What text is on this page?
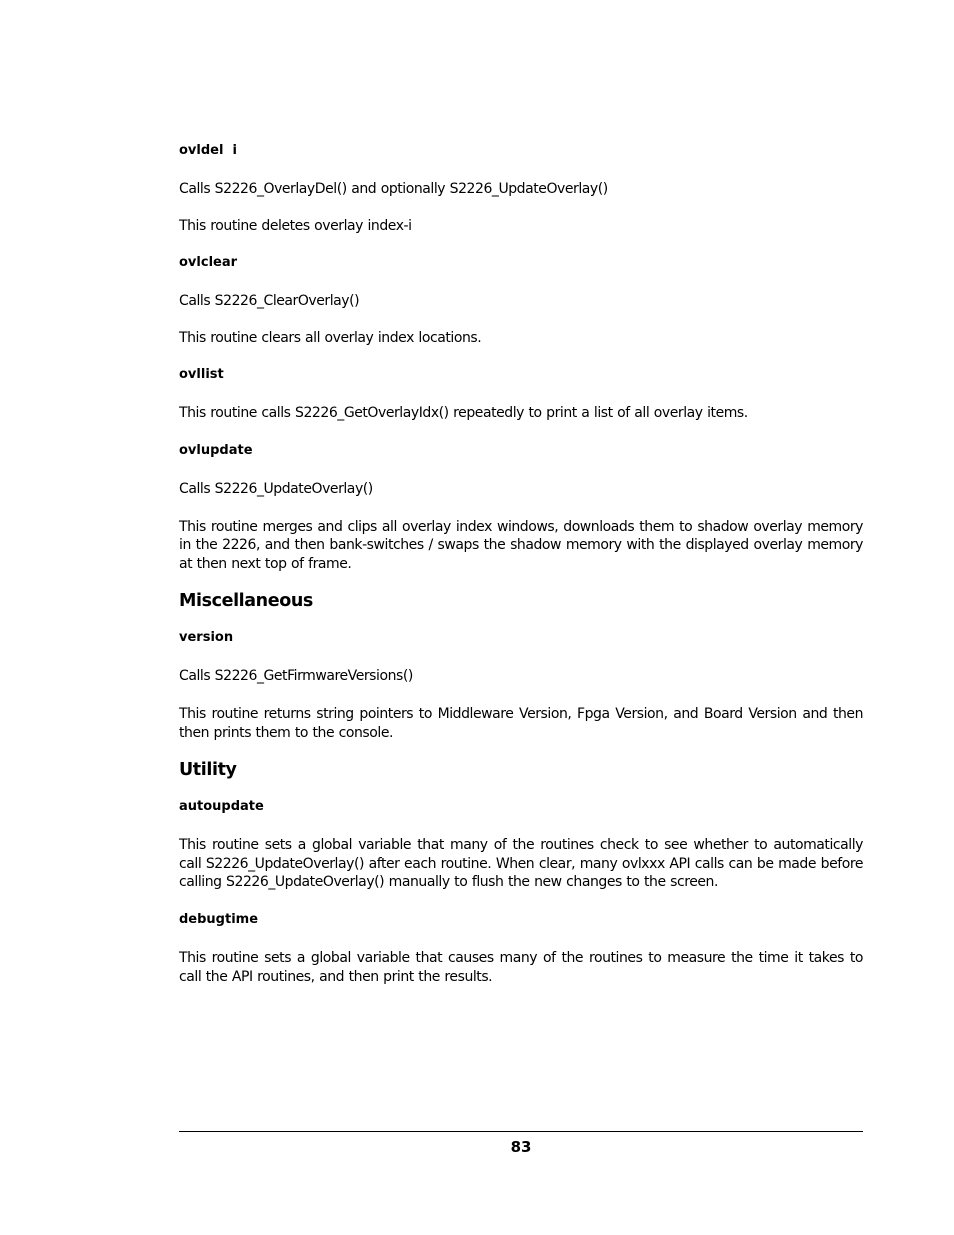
ovldel  i

Calls S2226_OverlayDel() and optionally S2226_UpdateOverlay()

This routine deletes overlay index-i

ovlclear

Calls S2226_ClearOverlay()

This routine clears all overlay index locations.

ovllist

This routine calls S2226_GetOverlayIdx() repeatedly to print a list of all overlay items.

ovlupdate

Calls S2226_UpdateOverlay()

This routine merges and clips all overlay index windows, downloads them to shadow overlay memory in the 2226, and then bank-switches / swaps the shadow memory with the displayed overlay memory at then next top of frame.

Miscellaneous

version

Calls S2226_GetFirmwareVersions()

This routine returns string pointers to Middleware Version, Fpga Version, and Board Version and then then prints them to the console.

Utility

autoupdate

This routine sets a global variable that many of the routines check to see whether to automatically call S2226_UpdateOverlay() after each routine. When clear, many ovlxxx API calls can be made before calling S2226_UpdateOverlay() manually to flush the new changes to the screen.

debugtime

This routine sets a global variable that causes many of the routines to measure the time it takes to call the API routines, and then print the results.

83
